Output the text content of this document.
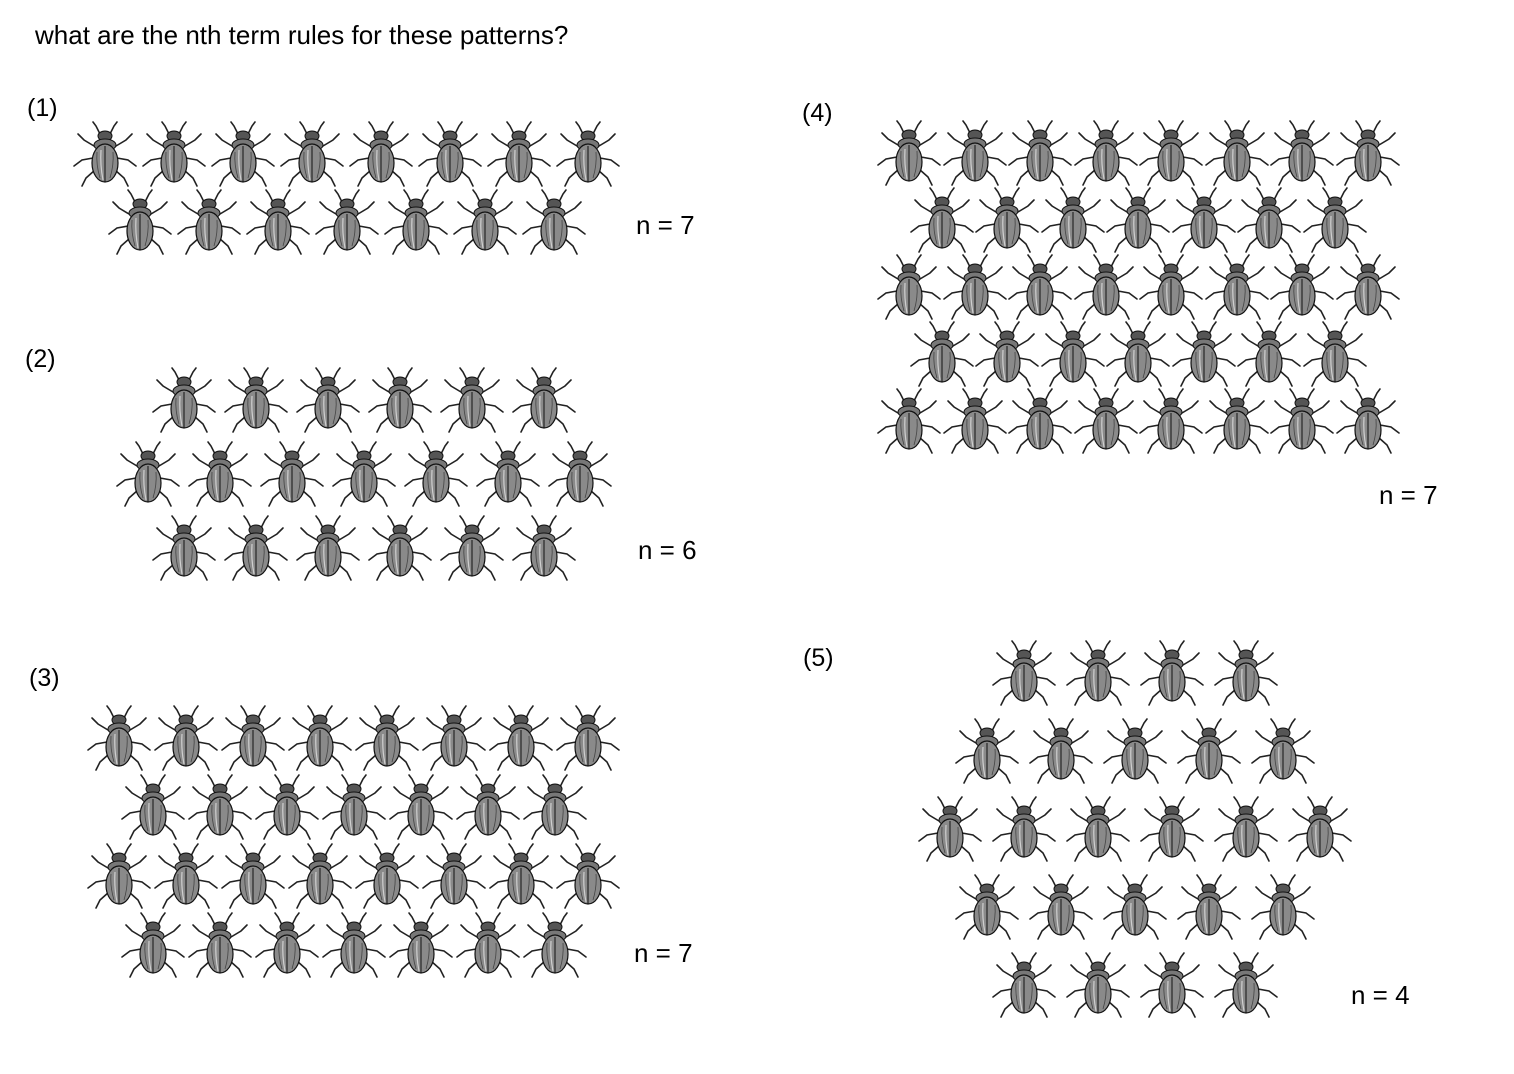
what are the nth term rules for these patterns?
(1)
n = 7
(2)
n = 6
(3)
n = 7
(4)
n = 7
(5)
n = 4
